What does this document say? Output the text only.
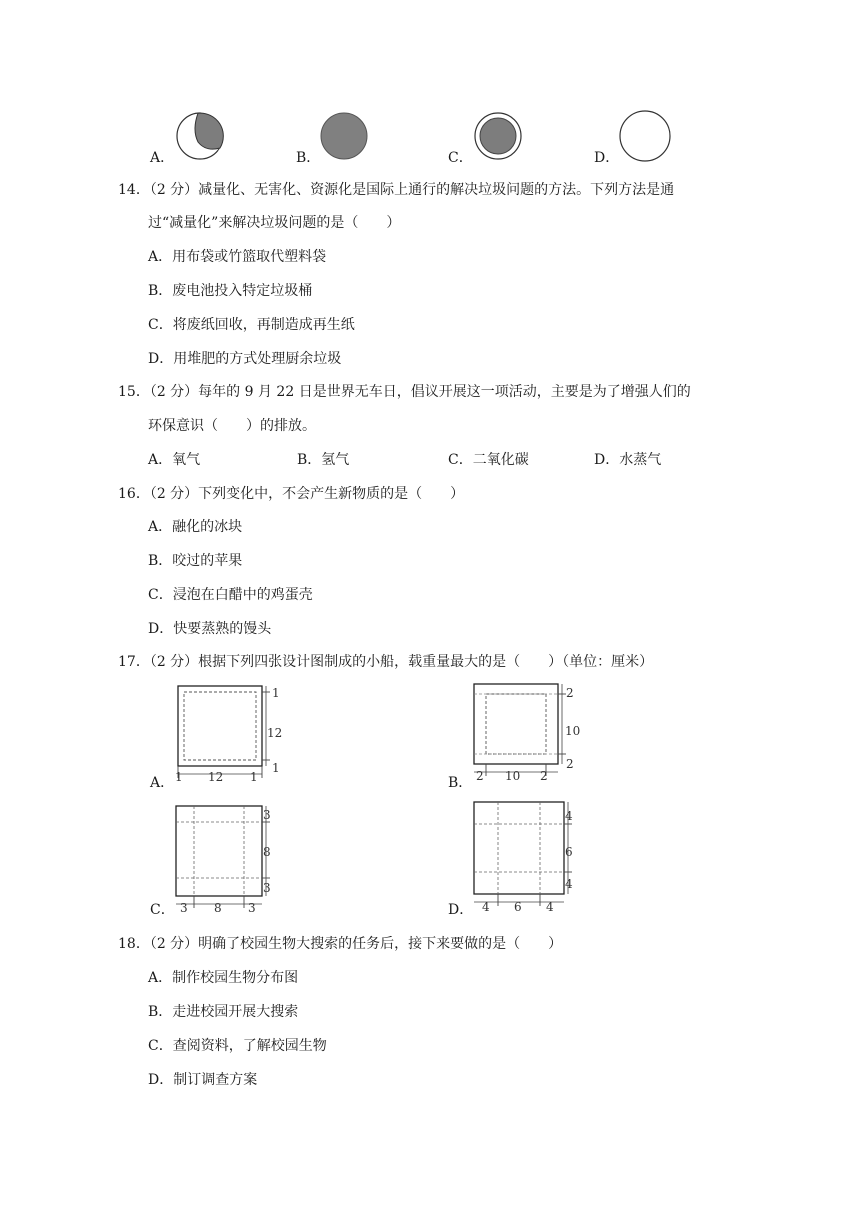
A．	B．	C．	D．
14．（2 分）减量化、无害化、资源化是国际上通行的解决垃圾问题的方法。下列方法是通
过“减量化”来解决垃圾问题的是（　　）
A．用布袋或竹篮取代塑料袋
B．废电池投入特定垃圾桶
C．将废纸回收，再制造成再生纸
D．用堆肥的方式处理厨余垃圾
15．（2 分）每年的 9 月 22 日是世界无车日，倡议开展这一项活动，主要是为了增强人们的
环保意识（　　）的排放。
A．氧气	B．氢气	C．二氧化碳	D．水蒸气
16．（2 分）下列变化中，不会产生新物质的是（　　）
A．融化的冰块
B．咬过的苹果
C．浸泡在白醋中的鸡蛋壳
D．快要蒸熟的馒头
17．（2 分）根据下列四张设计图制成的小船，载重量最大的是（　　）（单位：厘米）
A．
1
12
1
1 12 1	B．
2
10
2
2 10 2
C．
3
8
3
3 8 3	D．
4
6
4
4 6 4
18．（2 分）明确了校园生物大搜索的任务后，接下来要做的是（　　）
A．制作校园生物分布图
B．走进校园开展大搜索
C．查阅资料，了解校园生物
D．制订调查方案
